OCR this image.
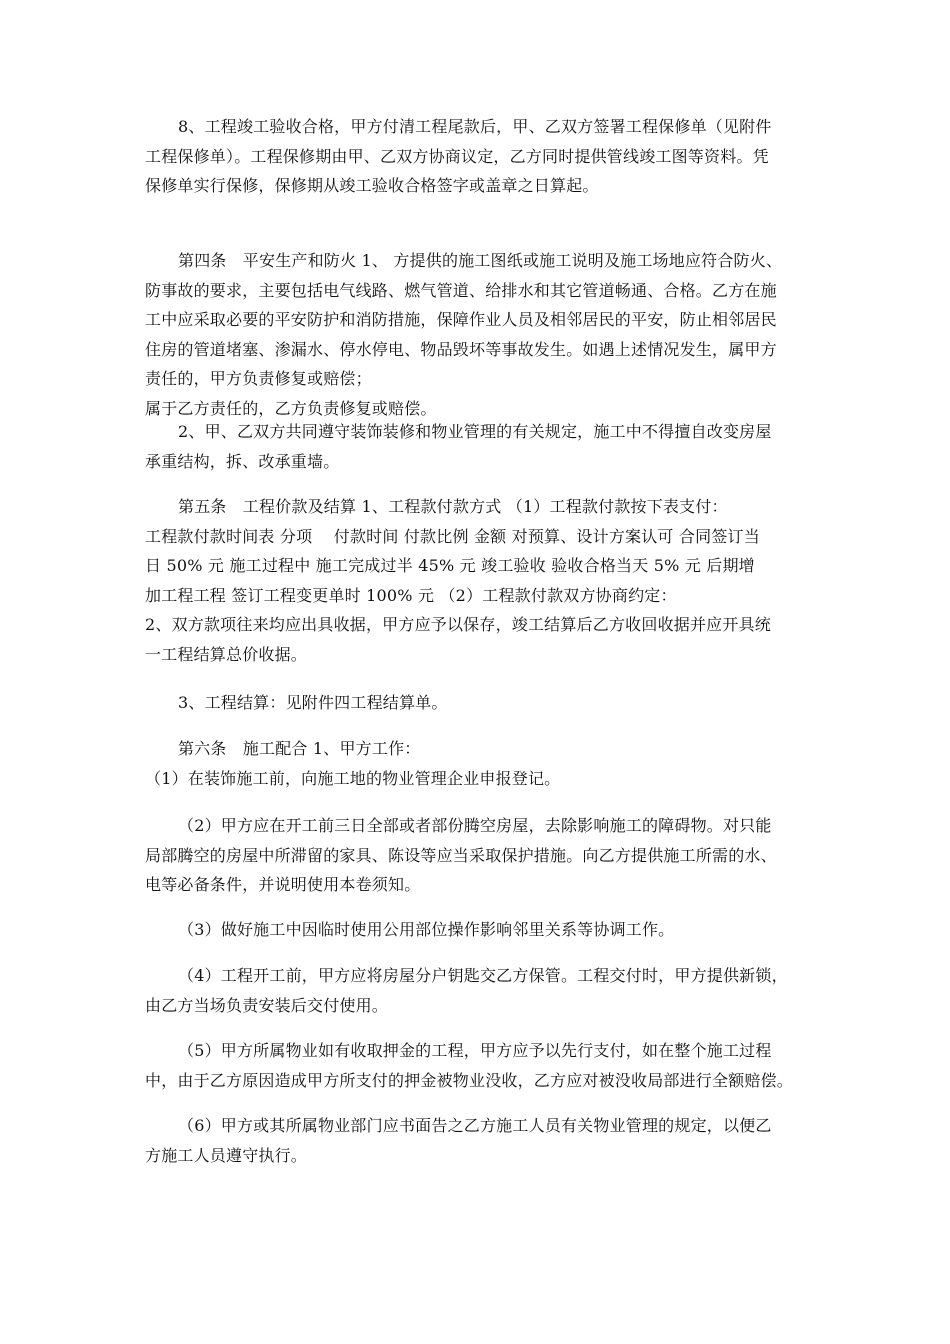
8、工程竣工验收合格，甲方付清工程尾款后，甲、乙双方签署工程保修单（见附件
工程保修单）。工程保修期由甲、乙双方协商议定，乙方同时提供管线竣工图等资料。凭
保修单实行保修，保修期从竣工验收合格签字或盖章之日算起。
第四条　平安生产和防火 1、 方提供的施工图纸或施工说明及施工场地应符合防火、
防事故的要求，主要包括电气线路、燃气管道、给排水和其它管道畅通、合格。乙方在施
工中应采取必要的平安防护和消防措施，保障作业人员及相邻居民的平安，防止相邻居民
住房的管道堵塞、渗漏水、停水停电、物品毁坏等事故发生。如遇上述情况发生，属甲方
责任的，甲方负责修复或赔偿；
属于乙方责任的，乙方负责修复或赔偿。
2、甲、乙双方共同遵守装饰装修和物业管理的有关规定，施工中不得擅自改变房屋
承重结构，拆、改承重墙。
第五条　工程价款及结算 1、工程款付款方式 （1）工程款付款按下表支付：
工程款付款时间表 分项　 付款时间 付款比例 金额 对预算、设计方案认可 合同签订当
日 50% 元 施工过程中 施工完成过半 45% 元 竣工验收 验收合格当天 5% 元 后期增
加工程工程 签订工程变更单时 100% 元 （2）工程款付款双方协商约定：
2、双方款项往来均应出具收据，甲方应予以保存，竣工结算后乙方收回收据并应开具统
一工程结算总价收据。
3、工程结算：见附件四工程结算单。
第六条　施工配合 1、甲方工作：
（1）在装饰施工前，向施工地的物业管理企业申报登记。
（2）甲方应在开工前三日全部或者部份腾空房屋，去除影响施工的障碍物。对只能
局部腾空的房屋中所滞留的家具、陈设等应当采取保护措施。向乙方提供施工所需的水、
电等必备条件，并说明使用本卷须知。
（3）做好施工中因临时使用公用部位操作影响邻里关系等协调工作。
（4）工程开工前，甲方应将房屋分户钥匙交乙方保管。工程交付时，甲方提供新锁，
由乙方当场负责安装后交付使用。
（5）甲方所属物业如有收取押金的工程，甲方应予以先行支付，如在整个施工过程
中，由于乙方原因造成甲方所支付的押金被物业没收，乙方应对被没收局部进行全额赔偿。
（6）甲方或其所属物业部门应书面告之乙方施工人员有关物业管理的规定，以便乙
方施工人员遵守执行。
